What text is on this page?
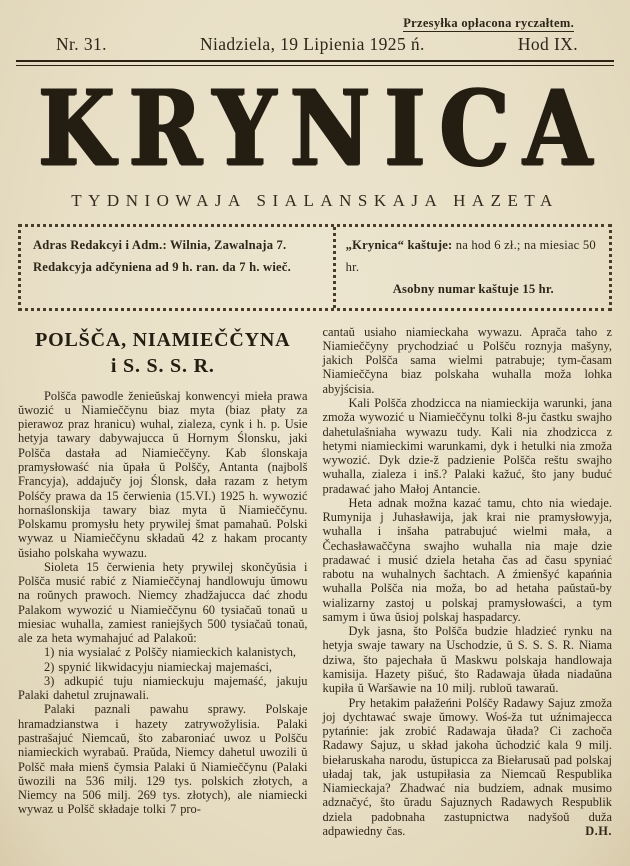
Przesyłka opłacona ryczałtem.
Nr. 31.	Niadziela, 19 Lipienia 1925 ń.	Hod IX.
KRYNICA
TYDNIOWAJA SIALANSKAJA HAZETA
Adras Redakcyi i Adm.: Wilnia, Zawalnaja 7.
Redakcyja adčyniena ad 9 h. ran. da 7 h. wieč.
„Krynica“ kaštuje: na hod 6 zł.; na miesiac 50 hr.
Asobny numar kaštuje 15 hr.
POLŠČA, NIAMIEČČYNA
i S. S. S. R.

Polšča pawodle ženieŭskaj konwencyi mieła prawa ŭwozić u Niamieččynu biaz myta (biaz płaty za pierawoz praz hranicu) wuhal, zialeza, cynk i h. p. Usie hetyja tawary dabywajucca ŭ Hornym Ślonsku, jaki Polšča dastała ad Niamieččyny. Kab ślonskaja pramysłowaść nia ŭpała ŭ Polščy, Antanta (najbolš Francyja), addajučy joj Ślonsk, dała razam z hetym Polśčy prawa da 15 čerwienia (15.VI.) 1925 h. wywozić hornaślonskija tawary biaz myta ŭ Niamieččynu. Polskamu promysłu hety prywilej šmat pamahaŭ. Polski wywaz u Niamieččynu składaŭ 42 z hakam procanty ŭsiaho polskaha wywazu.

Sioleta 15 čerwienia hety prywilej skončyŭsia i Polšča musić rabić z Niamieččynaj handlowuju ŭmowu na roŭnych prawoch. Niemcy zhadžajucca dać zhodu Palakom wywozić u Niamieččynu 60 tysiačaŭ tonaŭ u miesiac wuhalla, zamiest raniejšych 500 tysiačaŭ tonaŭ, ale za heta wymahajuć ad Palakoŭ:

1) nia wysialać z Polščy niamieckich kalanistych,

2) spynić likwidacyju niamieckaj majemaści,

3) adkupić tuju niamieckuju majemaść, jakuju Palaki dahetul zrujnawali.

Palaki paznali pawahu sprawy. Polskaje hramadzianstwa i hazety zatrywožylisia. Palaki pastrašajuć Niemcaŭ, što zabaroniać uwoz u Polšču niamieckich wyrabaŭ. Praŭda, Niemcy dahetul uwozili ŭ Polšč mała mienš čymsia Palaki ŭ Niamieččynu (Palaki ŭwozili na 536 milj. 129 tys. polskich złotych, a Niemcy na 506 milj. 269 tys. złotych), ale niamiecki wywaz u Polšč składaje tolki 7 pro-

cantaŭ usiaho niamieckaha wywazu. Aprača taho z Niamieččyny prychodziać u Polšču roznyja mašyny, jakich Polšča sama wielmi patrabuje; tym-časam Niamieččyna biaz polskaha wuhalla moža lohka abyjścisia.

Kali Polšča zhodzicca na niamieckija warunki, jana zmoža wywozić u Niamieččynu tolki 8-ju častku swajho dahetulašniaha wywazu tudy. Kali nia zhodzicca z hetymi niamieckimi warunkami, dyk i hetulki nia zmoža wywozić. Dyk dzie-ž padzienie Polšča reštu swajho wuhalla, zialeza i inš.? Palaki kažuć, što jany buduć pradawać jaho Małoj Antancie.

Heta adnak možna kazać tamu, chto nia wiedaje. Rumynija j Juhasławija, jak krai nie pramysłowyja, wuhalla i inšaha patrabujuć wielmi mała, a Čechasławaččyna swajho wuhalla nia maje dzie pradawać i musić dziela hetaha čas ad času spyniać rabotu na wuhalnych šachtach. A źmienšyć kapańnia wuhalla Polšča nia moža, bo ad hetaha paŭstaŭ-by wializarny zastoj u polskaj pramysłowaści, a tym samym i ŭwa ŭsioj polskaj haspadarcy.

Dyk jasna, što Polšča budzie hladzieć rynku na hetyja swaje tawary na Uschodzie, ŭ S. S. S. R. Niama dziwa, što pajechała ŭ Maskwu polskaja handlowaja kamisija. Hazety pišuć, što Radawaja ŭłada niadaŭna kupiła ŭ Waršawie na 10 milj. rubloŭ tawaraŭ.

Pry hetakim pałažeńni Polśčy Radawy Sajuz zmoža joj dychtawać swaje ŭmowy. Woś-ža tut uźnimajecca pytańnie: jak zrobić Radawaja ŭłada? Ci zachoča Radawy Sajuz, u skład jakoha ŭchodzić kala 9 milj. biełaruskaha narodu, ŭstupicca za Biełarusaŭ pad polskaj uładaj tak, jak ustupiłasia za Niemcaŭ Respublika Niamieckaja? Zhadwać nia budziem, adnak musimo adznačyć, što ŭradu Sajuznych Radawych Respublik dziela padobnaha zastupnictwa nadyšoŭ duža adpawiedny čas.	D.H.
